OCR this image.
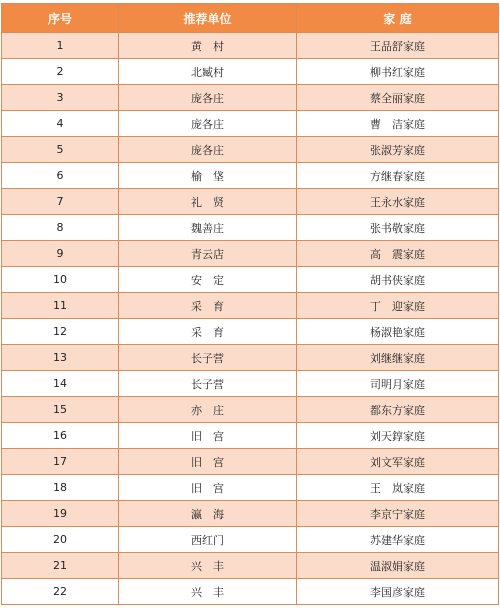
序号	推荐单位	家 庭
1	黄　村	王品舒家庭
2	北臧村	柳书红家庭
3	庞各庄	蔡全丽家庭
4	庞各庄	曹　洁家庭
5	庞各庄	张淑芳家庭
6	榆　垡	方继春家庭
7	礼　贤	王永水家庭
8	魏善庄	张书敬家庭
9	青云店	高　震家庭
10	安　定	胡书侠家庭
11	采　育	丁　迎家庭
12	采　育	杨淑艳家庭
13	长子营	刘继继家庭
14	长子营	司明月家庭
15	亦　庄	都东方家庭
16	旧　宫	刘天錞家庭
17	旧　宫	刘文军家庭
18	旧　宫	王　岚家庭
19	瀛　海	李京宁家庭
20	西红门	苏建华家庭
21	兴　丰	温淑娟家庭
22	兴　丰	李国彦家庭
